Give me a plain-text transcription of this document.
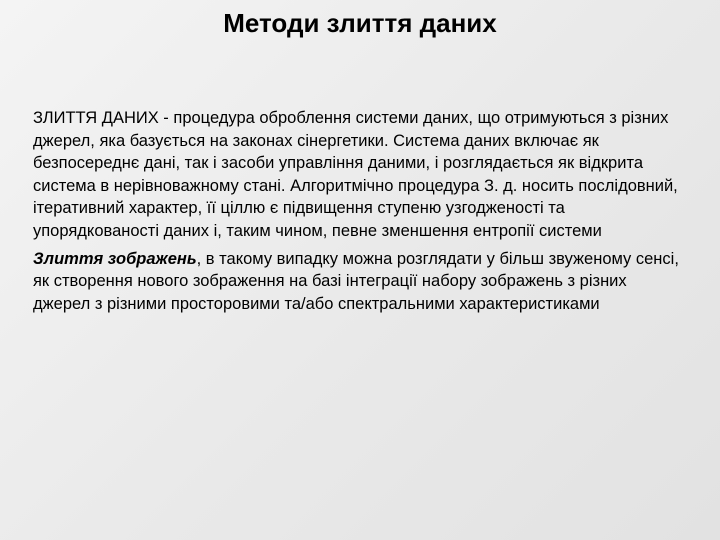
Методи злиття даних

ЗЛИТТЯ ДАНИХ - процедура оброблення системи даних, що отримуються з різних джерел, яка базується на законах сінергетики. Система даних включає як безпосереднє дані, так і засоби управління даними, і розглядається як відкрита система в нерівноважному стані. Алгоритмічно процедура З. д. носить послідовний, ітеративний характер, її ціллю є підвищення ступеню узгодженості та упорядкованості даних і, таким чином, певне зменшення ентропії системи

Злиття зображень, в такому випадку можна розглядати у більш звуженому сенсі, як створення нового зображення на базі інтеграції набору зображень з різних джерел з різними просторовими та/або спектральними характеристиками
